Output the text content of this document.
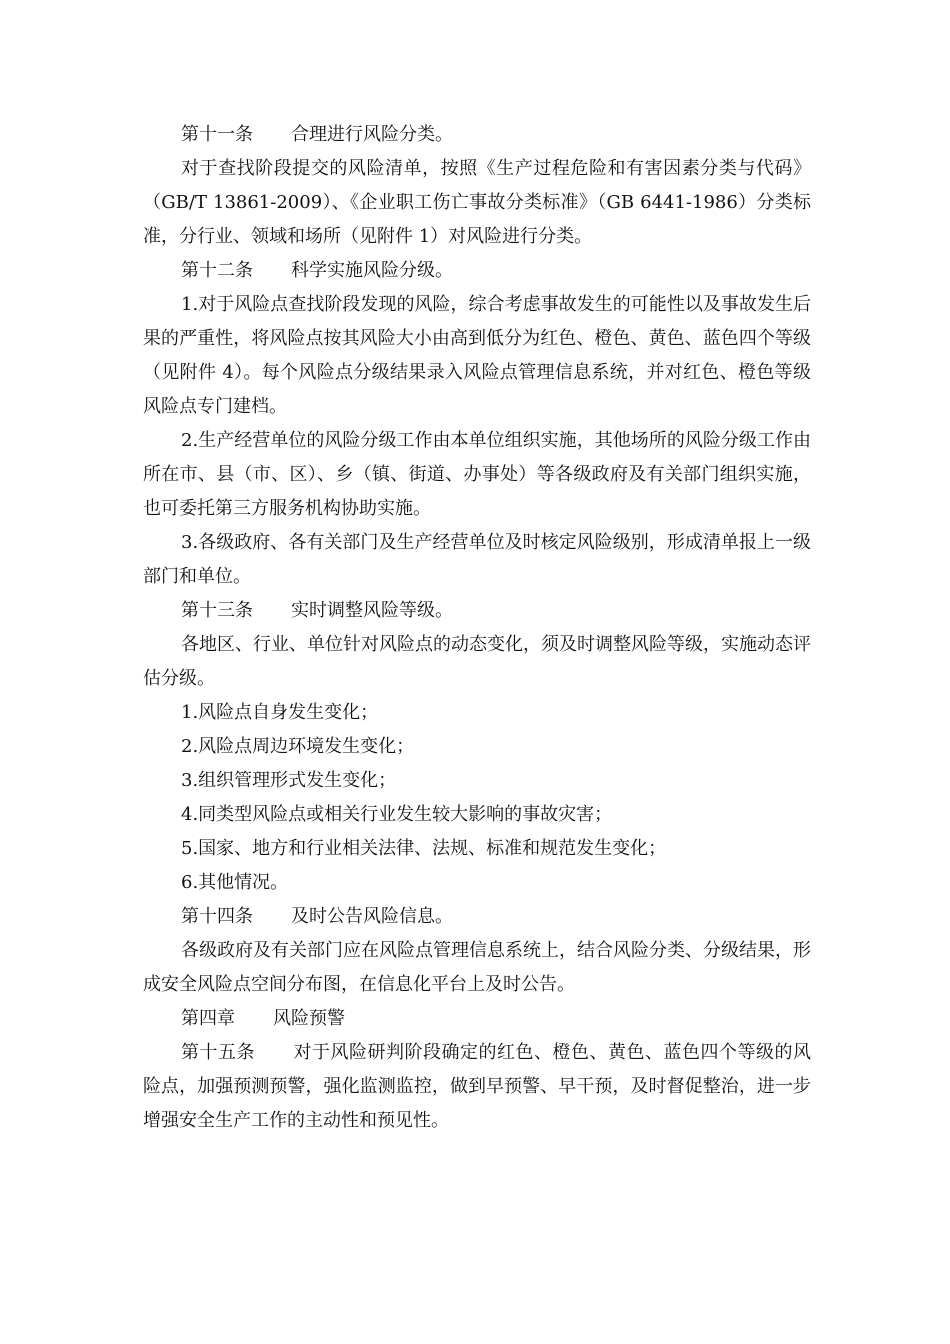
第十一条 合理进行风险分类。

对于查找阶段提交的风险清单，按照《生产过程危险和有害因素分类与代码》（GB/T 13861-2009）、《企业职工伤亡事故分类标准》（GB 6441-1986）分类标准，分行业、领域和场所（见附件 1）对风险进行分类。

第十二条 科学实施风险分级。

1.对于风险点查找阶段发现的风险，综合考虑事故发生的可能性以及事故发生后果的严重性，将风险点按其风险大小由高到低分为红色、橙色、黄色、蓝色四个等级（见附件 4）。每个风险点分级结果录入风险点管理信息系统，并对红色、橙色等级风险点专门建档。

2.生产经营单位的风险分级工作由本单位组织实施，其他场所的风险分级工作由所在市、县（市、区）、乡（镇、街道、办事处）等各级政府及有关部门组织实施，也可委托第三方服务机构协助实施。

3.各级政府、各有关部门及生产经营单位及时核定风险级别，形成清单报上一级部门和单位。

第十三条 实时调整风险等级。

各地区、行业、单位针对风险点的动态变化，须及时调整风险等级，实施动态评估分级。

1.风险点自身发生变化；

2.风险点周边环境发生变化；

3.组织管理形式发生变化；

4.同类型风险点或相关行业发生较大影响的事故灾害；

5.国家、地方和行业相关法律、法规、标准和规范发生变化；

6.其他情况。

第十四条 及时公告风险信息。

各级政府及有关部门应在风险点管理信息系统上，结合风险分类、分级结果，形成安全风险点空间分布图，在信息化平台上及时公告。

第四章 风险预警

第十五条 对于风险研判阶段确定的红色、橙色、黄色、蓝色四个等级的风险点，加强预测预警，强化监测监控，做到早预警、早干预，及时督促整治，进一步增强安全生产工作的主动性和预见性。
